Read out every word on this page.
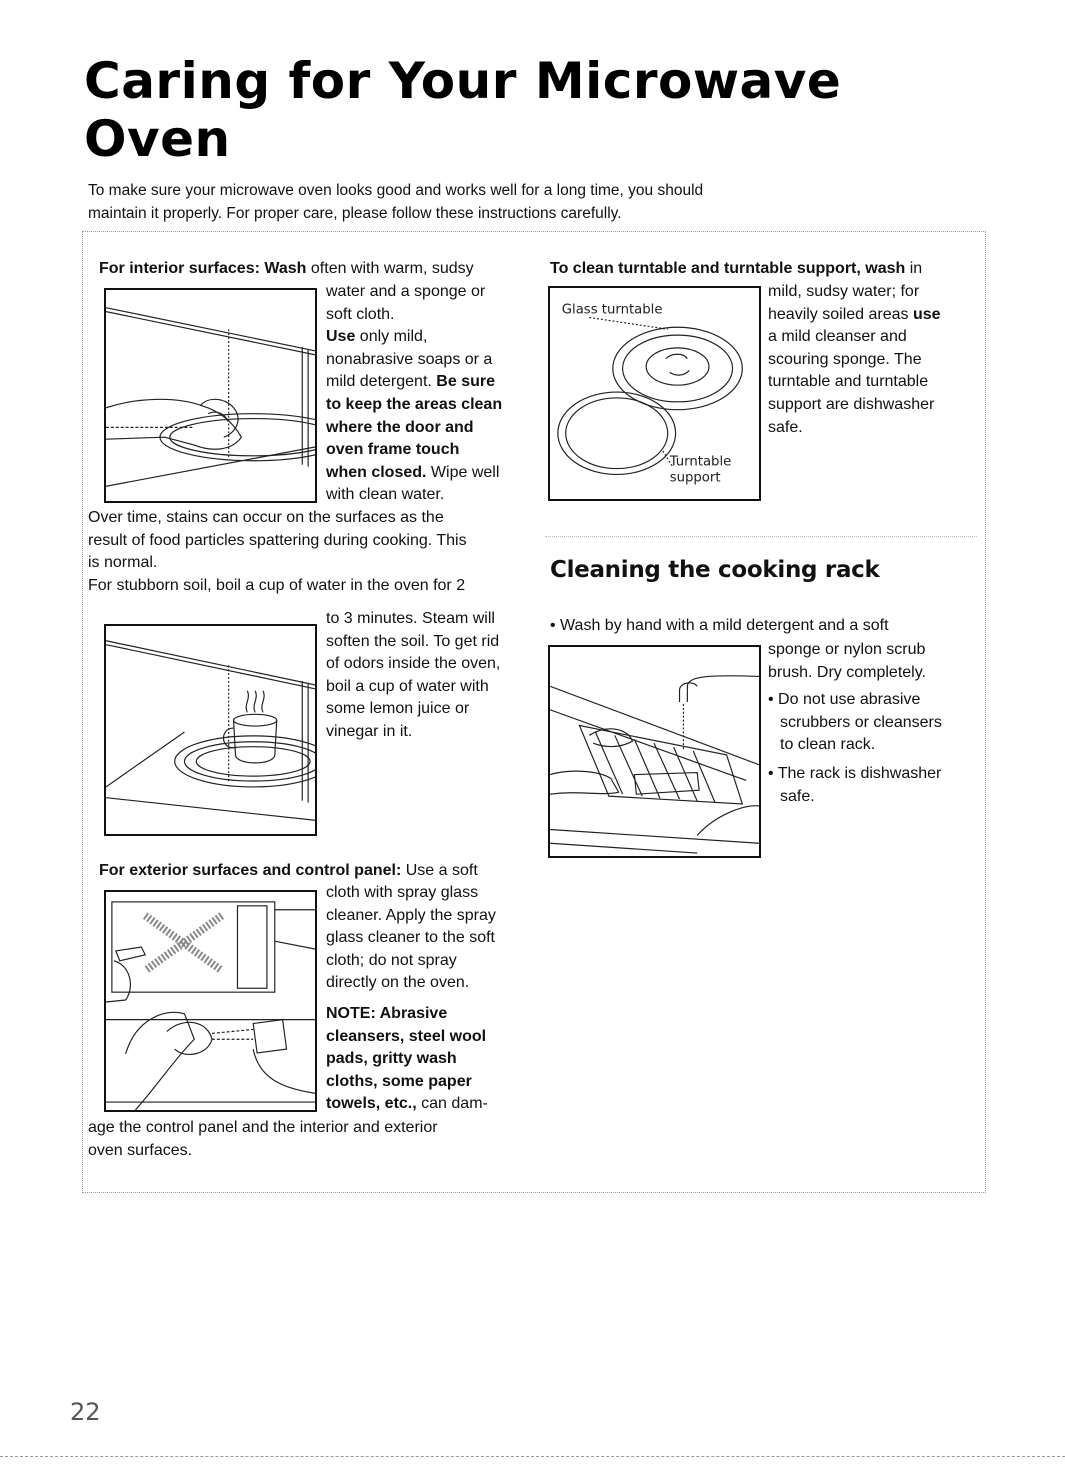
Caring for Your Microwave
Oven

To make sure your microwave oven looks good and works well for a long time, you should
maintain it properly. For proper care, please follow these instructions carefully.

For interior surfaces: Wash often with warm, sudsy

water and a sponge or
soft cloth.
Use only mild,
nonabrasive soaps or a
mild detergent. Be sure
to keep the areas clean
where the door and
oven frame touch
when closed. Wipe well
with clean water.

Over time, stains can occur on the surfaces as the
result of food particles spattering during cooking. This
is normal.
For stubborn soil, boil a cup of water in the oven for 2

to 3 minutes. Steam will
soften the soil. To get rid
of odors inside the oven,
boil a cup of water with
some lemon juice or
vinegar in it.

For exterior surfaces and control panel: Use a soft

cloth with spray glass
cleaner. Apply the spray
glass cleaner to the soft
cloth; do not spray
directly on the oven.

NOTE: Abrasive
cleansers, steel wool
pads, gritty wash
cloths, some paper
towels, etc., can dam-

age the control panel and the interior and exterior
oven surfaces.

To clean turntable and turntable support, wash in

Glass turntable
Turntable
support

mild, sudsy water; for
heavily soiled areas use
a mild cleanser and
scouring sponge. The
turntable and turntable
support are dishwasher
safe.

Cleaning the cooking rack

• Wash by hand with a mild detergent and a soft

sponge or nylon scrub
brush. Dry completely.

• Do not use abrasive
scrubbers or cleansers
to clean rack.

• The rack is dishwasher
safe.

22
